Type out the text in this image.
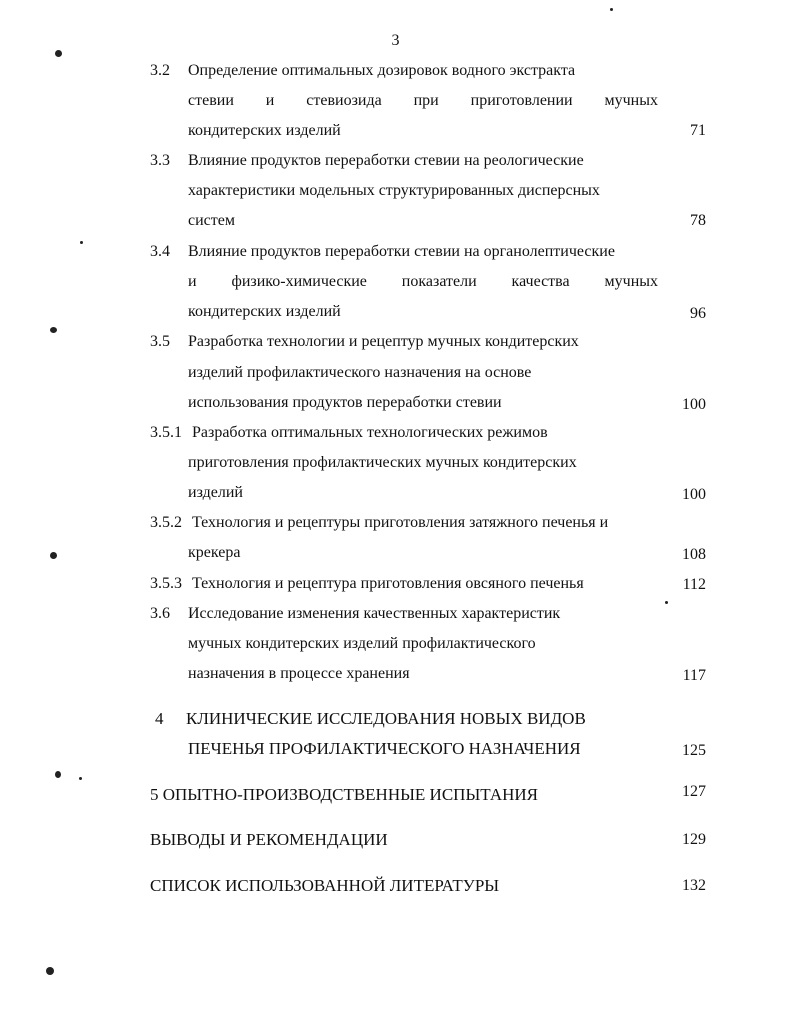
3
3.2 Определение оптимальных дозировок водного экстракта
стевии и стевиозида при приготовлении мучных
кондитерских изделий	71
3.3 Влияние продуктов переработки стевии на реологические
характеристики модельных структурированных дисперсных
систем	78
3.4 Влияние продуктов переработки стевии на органолептические
и физико-химические показатели качества мучных
кондитерских изделий	96
3.5 Разработка технологии и рецептур мучных кондитерских
изделий профилактического назначения на основе
использования продуктов переработки стевии	100
3.5.1 Разработка оптимальных технологических режимов
приготовления профилактических мучных кондитерских
изделий	100
3.5.2 Технология и рецептуры приготовления затяжного печенья и
крекера	108
3.5.3 Технология и рецептура приготовления овсяного печенья	112
3.6 Исследование изменения качественных характеристик
мучных кондитерских изделий профилактического
назначения в процессе хранения	117
4 КЛИНИЧЕСКИЕ ИССЛЕДОВАНИЯ НОВЫХ ВИДОВ
ПЕЧЕНЬЯ ПРОФИЛАКТИЧЕСКОГО НАЗНАЧЕНИЯ	125
5 ОПЫТНО-ПРОИЗВОДСТВЕННЫЕ ИСПЫТАНИЯ	127
ВЫВОДЫ И РЕКОМЕНДАЦИИ	129
СПИСОК ИСПОЛЬЗОВАННОЙ ЛИТЕРАТУРЫ	132
